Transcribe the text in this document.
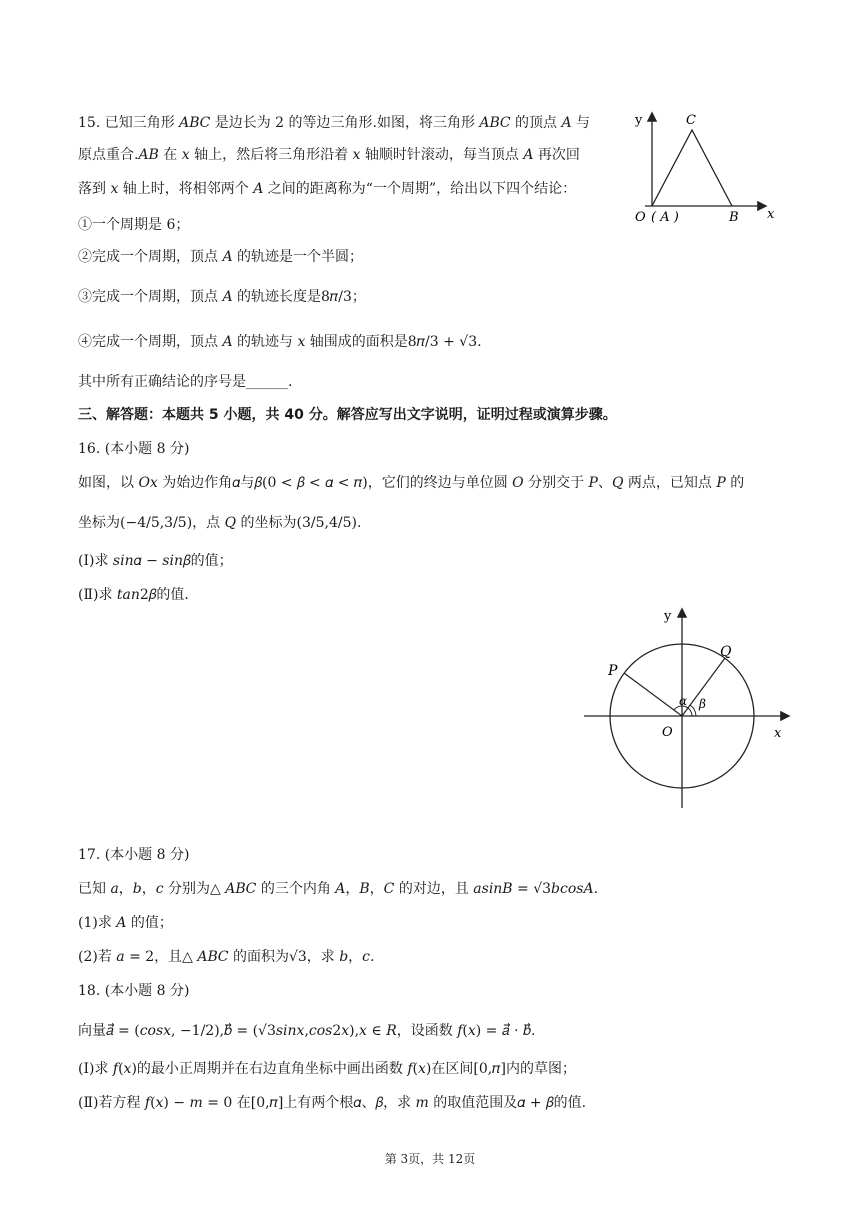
15. 已知三角形 𝐴𝐵𝐶 是边长为 2 的等边三角形.如图，将三角形 𝐴𝐵𝐶 的顶点 𝐴 与
原点重合.𝐴𝐵 在 𝑥 轴上，然后将三角形沿着 𝑥 轴顺时针滚动，每当顶点 𝐴 再次回
落到 𝑥 轴上时，将相邻两个 𝐴 之间的距离称为“一个周期”，给出以下四个结论：
①一个周期是 6；
②完成一个周期，顶点 𝐴 的轨迹是一个半圆；
③完成一个周期，顶点 𝐴 的轨迹长度是8𝜋/3；
④完成一个周期，顶点 𝐴 的轨迹与 𝑥 轴围成的面积是8𝜋/3 + √3.
其中所有正确结论的序号是______.
y
x
C
O ( A )	B
三、解答题：本题共 5 小题，共 40 分。解答应写出文字说明，证明过程或演算步骤。
16. (本小题 8 分)
如图，以 𝑂𝑥 为始边作角𝛼与𝛽(0 < 𝛽 < 𝛼 < 𝜋)，它们的终边与单位圆 𝑂 分别交于 𝑃、𝑄 两点，已知点 𝑃 的
坐标为(−4/5,3/5)，点 𝑄 的坐标为(3/5,4/5).
(Ⅰ)求 𝑠𝑖𝑛𝛼 − 𝑠𝑖𝑛𝛽的值；
(Ⅱ)求 𝑡𝑎𝑛2𝛽的值.
y
x
P
Q
O
α β
17. (本小题 8 分)
已知 𝑎，𝑏，𝑐 分别为△ 𝐴𝐵𝐶 的三个内角 𝐴，𝐵，𝐶 的对边，且 𝑎𝑠𝑖𝑛𝐵 = √3𝑏𝑐𝑜𝑠𝐴.
(1)求 𝐴 的值；
(2)若 𝑎 = 2，且△ 𝐴𝐵𝐶 的面积为√3，求 𝑏，𝑐.
18. (本小题 8 分)
向量𝑎⃗ = (𝑐𝑜𝑠𝑥, −1/2),𝑏⃗ = (√3𝑠𝑖𝑛𝑥,𝑐𝑜𝑠2𝑥),𝑥 ∈ 𝑅，设函数 𝑓(𝑥) = 𝑎⃗ ⋅ 𝑏⃗.
(Ⅰ)求 𝑓(𝑥)的最小正周期并在右边直角坐标中画出函数 𝑓(𝑥)在区间[0,𝜋]内的草图；
(Ⅱ)若方程 𝑓(𝑥) − 𝑚 = 0 在[0,𝜋]上有两个根𝛼、𝛽，求 𝑚 的取值范围及𝛼 + 𝛽的值.
第 3页，共 12页
